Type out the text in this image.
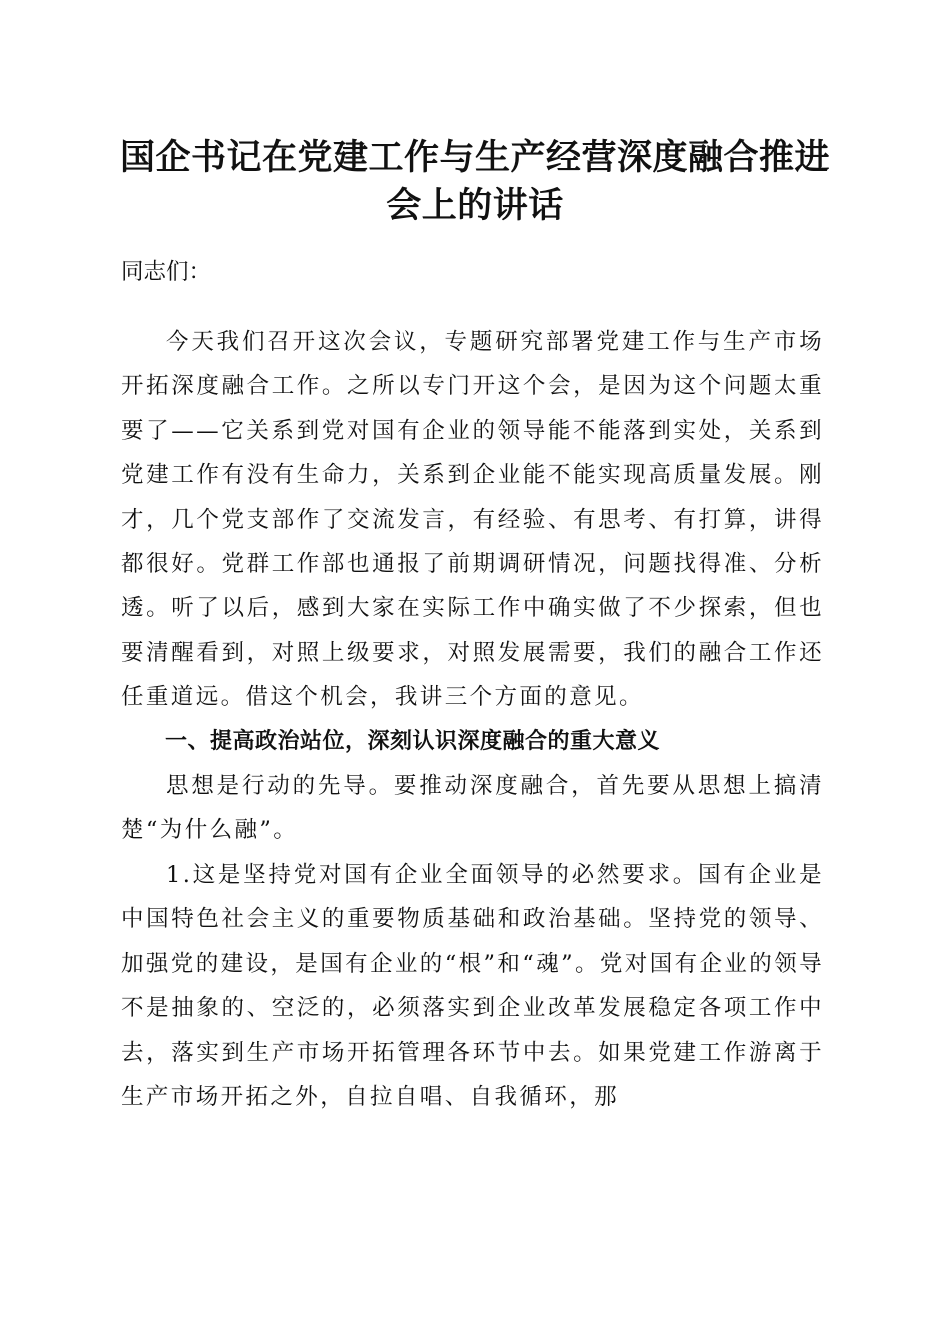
国企书记在党建工作与生产经营深度融合推进
会上的讲话

同志们：

今天我们召开这次会议，专题研究部署党建工作与生产市场开拓深度融合工作。之所以专门开这个会，是因为这个问题太重要了——它关系到党对国有企业的领导能不能落到实处，关系到党建工作有没有生命力，关系到企业能不能实现高质量发展。刚才，几个党支部作了交流发言，有经验、有思考、有打算，讲得都很好。党群工作部也通报了前期调研情况，问题找得准、分析透。听了以后，感到大家在实际工作中确实做了不少探索，但也要清醒看到，对照上级要求，对照发展需要，我们的融合工作还任重道远。借这个机会，我讲三个方面的意见。

一、提高政治站位，深刻认识深度融合的重大意义

思想是行动的先导。要推动深度融合，首先要从思想上搞清楚“为什么融”。

1.这是坚持党对国有企业全面领导的必然要求。国有企业是中国特色社会主义的重要物质基础和政治基础。坚持党的领导、加强党的建设，是国有企业的“根”和“魂”。党对国有企业的领导不是抽象的、空泛的，必须落实到企业改革发展稳定各项工作中去，落实到生产市场开拓管理各环节中去。如果党建工作游离于生产市场开拓之外，自拉自唱、自我循环，那
